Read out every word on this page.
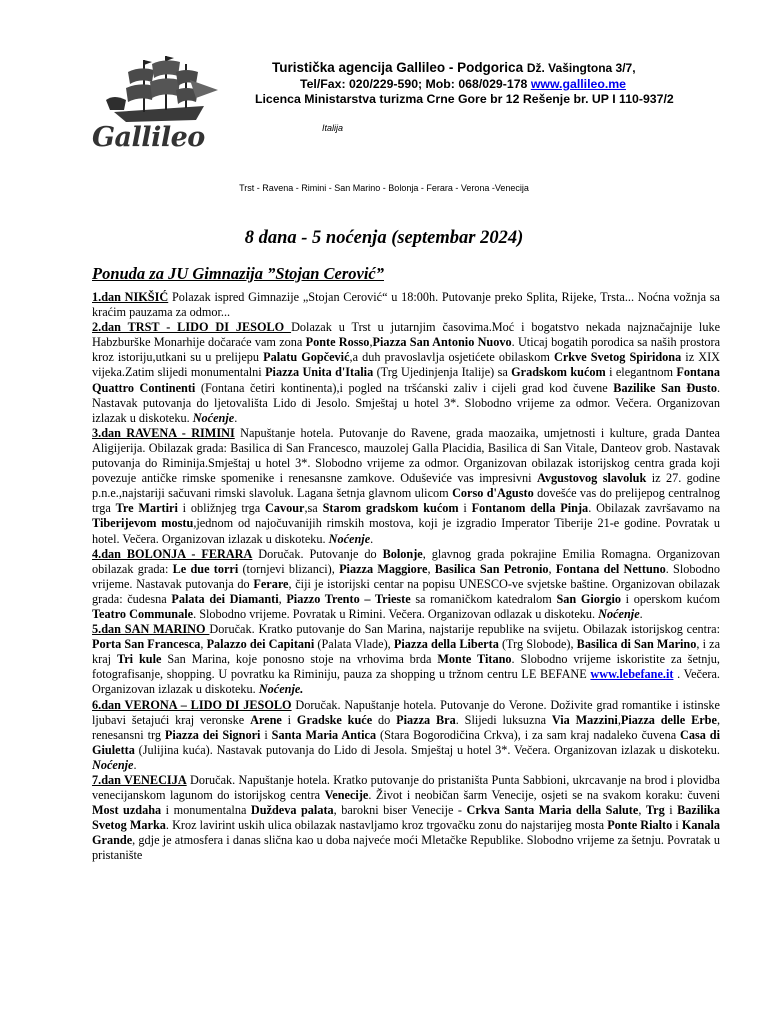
Gallileo
Turistička agencija Gallileo - Podgorica Dž. Vašingtona 3/7,
Tel/Fax: 020/229-590; Mob: 068/029-178 www.gallileo.me
Licenca Ministarstva turizma Crne Gore br 12 Rešenje br. UP I 110-937/2
Italija
Trst - Ravena - Rimini - San Marino - Bolonja - Ferara - Verona -Venecija
8 dana - 5 noćenja (septembar 2024)
Ponuda za JU Gimnazija ”Stojan Cerović”

1.dan NIKŠIĆ Polazak ispred Gimnazije „Stojan Cerović“ u 18:00h. Putovanje preko Splita, Rijeke, Trsta... Noćna vožnja sa kraćim pauzama za odmor...

2.dan TRST - LIDO DI JESOLO Dolazak u Trst u jutarnjim časovima.Moć i bogatstvo nekada najznačajnije luke Habzburške Monarhije dočaraće vam zona Ponte Rosso,Piazza San Antonio Nuovo. Uticaj bogatih porodica sa naših prostora kroz istoriju,utkani su u prelijepu Palatu Gopčević,a duh pravoslavlja osjetićete obilaskom Crkve Svetog Spiridona iz XIX vijeka.Zatim slijedi monumentalni Piazza Unita d'Italia (Trg Ujedinjenja Italije) sa Gradskom kućom i elegantnom Fontana Quattro Continenti (Fontana četiri kontinenta),i pogled na tršćanski zaliv i cijeli grad kod čuvene Bazilike San Đusto. Nastavak putovanja do ljetovališta Lido di Jesolo. Smještaj u hotel 3*. Slobodno vrijeme za odmor. Večera. Organizovan izlazak u diskoteku. Noćenje.

3.dan RAVENA - RIMINI Napuštanje hotela. Putovanje do Ravene, grada maozaika, umjetnosti i kulture, grada Dantea Aligijerija. Obilazak grada: Basilica di San Francesco, mauzolej Galla Placidia, Basilica di San Vitale, Danteov grob. Nastavak putovanja do Riminija.Smještaj u hotel 3*. Slobodno vrijeme za odmor. Organizovan obilazak istorijskog centra grada koji povezuje antičke rimske spomenike i renesansne zamkove. Oduševiće vas impresivni Avgustovog slavoluk iz 27. godine p.n.e.,najstariji sačuvani rimski slavoluk. Lagana šetnja glavnom ulicom Corso d'Agusto dovešće vas do prelijepog centralnog trga Tre Martiri i obližnjeg trga Cavour,sa Starom gradskom kućom i Fontanom della Pinja. Obilazak završavamo na Tiberijevom mostu,jednom od najočuvanijih rimskih mostova, koji je izgradio Imperator Tiberije 21-e godine. Povratak u hotel. Večera. Organizovan izlazak u diskoteku. Noćenje.

4.dan BOLONJA - FERARA Doručak. Putovanje do Bolonje, glavnog grada pokrajine Emilia Romagna. Organizovan obilazak grada: Le due torri (tornjevi blizanci), Piazza Maggiore, Basilica San Petronio, Fontana del Nettuno. Slobodno vrijeme. Nastavak putovanja do Ferare, čiji je istorijski centar na popisu UNESCO-ve svjetske baštine. Organizovan obilazak grada: čudesna Palata dei Diamanti, Piazzo Trento – Trieste sa romaničkom katedralom San Giorgio i operskom kućom Teatro Communale. Slobodno vrijeme. Povratak u Rimini. Večera. Organizovan odlazak u diskoteku. Noćenje.

5.dan SAN MARINO Doručak. Kratko putovanje do San Marina, najstarije republike na svijetu. Obilazak istorijskog centra: Porta San Francesca, Palazzo dei Capitani (Palata Vlade), Piazza della Liberta (Trg Slobode), Basilica di San Marino, i za kraj Tri kule San Marina, koje ponosno stoje na vrhovima brda Monte Titano. Slobodno vrijeme iskoristite za šetnju, fotografisanje, shopping. U povratku ka Riminiju, pauza za shopping u tržnom centru LE BEFANE www.lebefane.it . Večera. Organizovan izlazak u diskoteku. Noćenje.

6.dan VERONA – LIDO DI JESOLO Doručak. Napuštanje hotela. Putovanje do Verone. Doživite grad romantike i istinske ljubavi šetajući kraj veronske Arene i Gradske kuće do Piazza Bra. Slijedi luksuzna Via Mazzini,Piazza delle Erbe, renesansni trg Piazza dei Signori i Santa Maria Antica (Stara Bogorodičina Crkva), i za sam kraj nadaleko čuvena Casa di Giuletta (Julijina kuća). Nastavak putovanja do Lido di Jesola. Smještaj u hotel 3*. Večera. Organizovan izlazak u diskoteku. Noćenje.

7.dan VENECIJA Doručak. Napuštanje hotela. Kratko putovanje do pristaništa Punta Sabbioni, ukrcavanje na brod i plovidba venecijanskom lagunom do istorijskog centra Venecije. Život i neobičan šarm Venecije, osjeti se na svakom koraku: čuveni Most uzdaha i monumentalna Duždeva palata, barokni biser Venecije - Crkva Santa Maria della Salute, Trg i Bazilika Svetog Marka. Kroz lavirint uskih ulica obilazak nastavljamo kroz trgovačku zonu do najstarijeg mosta Ponte Rialto i Kanala Grande, gdje je atmosfera i danas slična kao u doba najveće moći Mletačke Republike. Slobodno vrijeme za šetnju. Povratak u pristanište
